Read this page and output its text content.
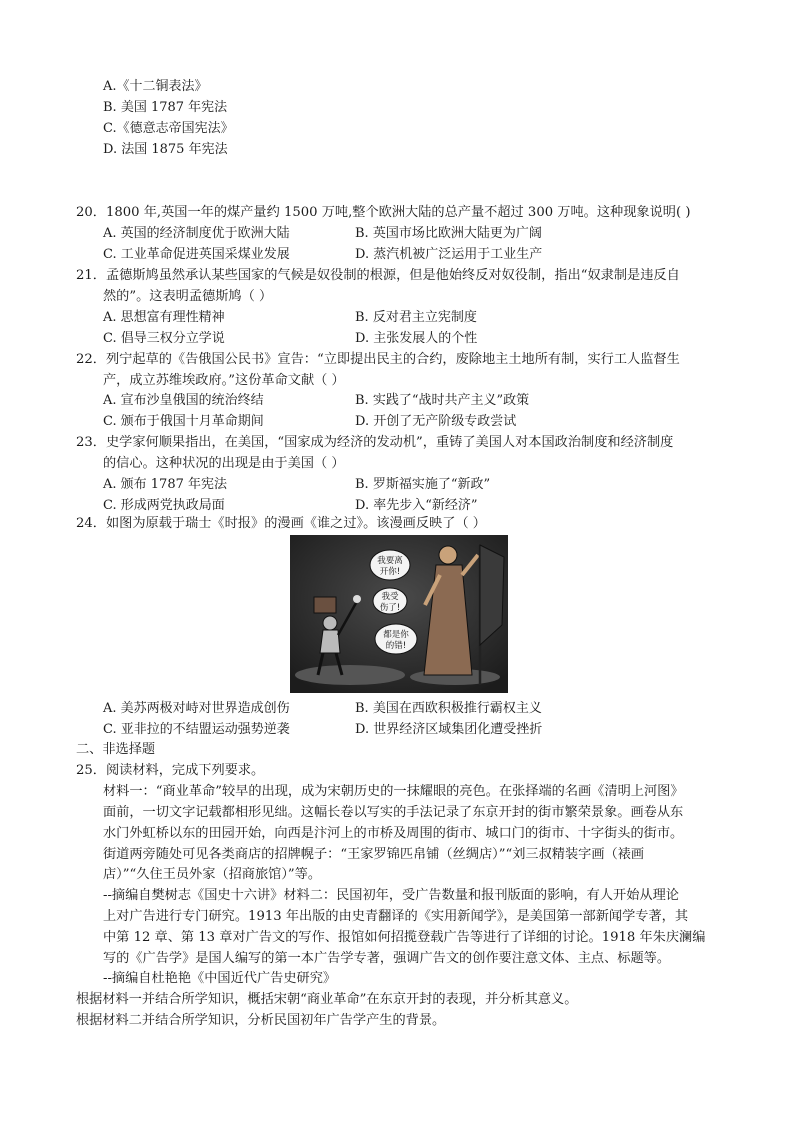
A.《十二铜表法》
B. 美国 1787 年宪法
C.《德意志帝国宪法》
D. 法国 1875 年宪法
20．1800 年,英国一年的煤产量约 1500 万吨,整个欧洲大陆的总产量不超过 300 万吨。这种现象说明( )
A. 英国的经济制度优于欧洲大陆	B. 英国市场比欧洲大陆更为广阔
C. 工业革命促进英国采煤业发展	D. 蒸汽机被广泛运用于工业生产
21．孟德斯鸠虽然承认某些国家的气候是奴役制的根源，但是他始终反对奴役制，指出“奴隶制是违反自
然的”。这表明孟德斯鸠（ ）
A. 思想富有理性精神	B. 反对君主立宪制度
C. 倡导三权分立学说	D. 主张发展人的个性
22．列宁起草的《告俄国公民书》宣告：“立即提出民主的合约，废除地主土地所有制，实行工人监督生
产，成立苏维埃政府。”这份革命文献（ ）
A. 宣布沙皇俄国的统治终结	B. 实践了“战时共产主义”政策
C. 颁布于俄国十月革命期间	D. 开创了无产阶级专政尝试
23．史学家何顺果指出，在美国，“国家成为经济的发动机”，重铸了美国人对本国政治制度和经济制度
的信心。这种状况的出现是由于美国（ ）
A. 颁布 1787 年宪法	B. 罗斯福实施了“新政”
C. 形成两党执政局面	D. 率先步入“新经济”
24．如图为原载于瑞士《时报》的漫画《谁之过》。该漫画反映了（ ）
我要离
开你!
我受
伤了!
都是你
的错!
A. 美苏两极对峙对世界造成创伤	B. 美国在西欧积极推行霸权主义
C. 亚非拉的不结盟运动强势逆袭	D. 世界经济区域集团化遭受挫折
二、非选择题
25．阅读材料，完成下列要求。
材料一：“商业革命”较早的出现，成为宋朝历史的一抹耀眼的亮色。在张择端的名画《清明上河图》
面前，一切文字记载都相形见绌。这幅长卷以写实的手法记录了东京开封的街市繁荣景象。画卷从东
水门外虹桥以东的田园开始，向西是汴河上的市桥及周围的街市、城口门的街市、十字街头的街市。
街道两旁随处可见各类商店的招牌幌子：“王家罗锦匹帛铺（丝绸店）”“刘三叔精装字画（裱画
店）”“久住王员外家（招商旅馆）”等。
--摘编自樊树志《国史十六讲》材料二：民国初年，受广告数量和报刊版面的影响，有人开始从理论
上对广告进行专门研究。1913 年出版的由史青翻译的《实用新闻学》，是美国第一部新闻学专著，其
中第 12 章、第 13 章对广告文的写作、报馆如何招揽登载广告等进行了详细的讨论。1918 年朱庆澜编
写的《广告学》是国人编写的第一本广告学专著，强调广告文的创作要注意文体、主点、标题等。
--摘编自杜艳艳《中国近代广告史研究》
根据材料一并结合所学知识，概括宋朝“商业革命”在东京开封的表现，并分析其意义。
根据材料二并结合所学知识，分析民国初年广告学产生的背景。
